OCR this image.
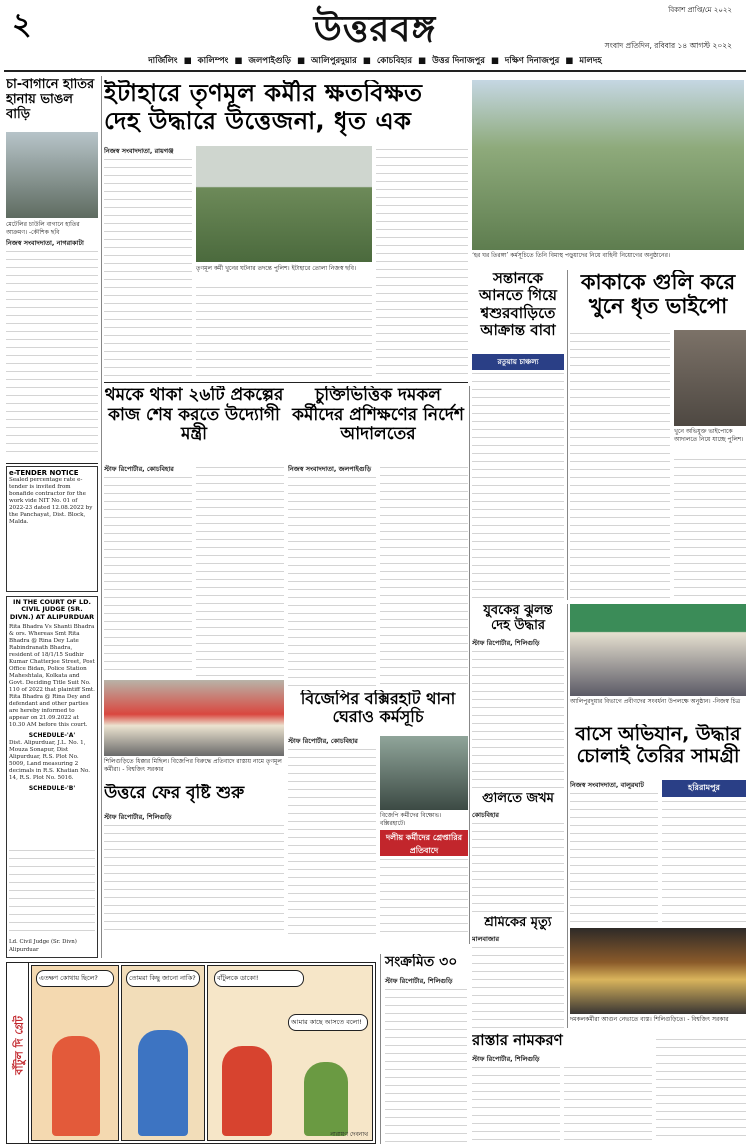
২	বিকাশ প্রাপ্তি/মে ২০২২
উত্তরবঙ্গ	সংবাদ প্রতিদিন, রবিবার ১৪ আগস্ট ২০২২
দার্জিলিং ■ কালিম্পং ■ জলপাইগুড়ি ■ আলিপুরদুয়ার ■ কোচবিহার ■ উত্তর দিনাজপুর ■ দক্ষিণ দিনাজপুর ■ মালদহ
চা-বাগানে হাতির হানায় ভাঙল বাড়ি
মেটেলির চাউলি বাগানে হাতির আক্রমণ। -কৌশিক ছবি
নিজস্ব সংবাদদাতা, নাগরাকাটা
e-TENDER NOTICE
Sealed percentage rate e-tender is invited from bonafide contractor for the work vide NIT No. 01 of 2022-23 dated 12.08.2022 by the Panchayat, Dist. Block, Malda.
IN THE COURT OF LD. CIVIL JUDGE (SR. DIVN.) AT ALIPURDUAR
Rita Bhadra Vs Shanti Bhadra & ors. Whereas Smt Rita Bhadra @ Rina Dey Late Rabindranath Bhadra, resident of 18/1/15 Sudhir Kumar Chatterjee Street, Post Office Bidan, Police Station Maheshtala, Kolkata and Govt. Deciding Title Suit No. 110 of 2022 that plaintiff Smt. Rita Bhadra @ Rina Dey and defendant and other parties are hereby informed to appear on 21.09.2022 at 10.30 AM before this court.
SCHEDULE-'A'
Dist. Alipurduar, J.L. No. 1, Mouza Sonapur, Dist Alipurduar, R.S. Plot No. 5009, Land measuring 2 decimals in R.S. Khatian No. 14, R.S. Plot No. 5016.
SCHEDULE-'B'
Ld. Civil Judge (Sr. Divn) Alipurduar
ইটাহারে তৃণমূল কর্মীর ক্ষতবিক্ষত
দেহ উদ্ধারে উত্তেজনা, ধৃত এক
নিজস্ব সংবাদদাতা, রায়গঞ্জ
তৃণমূল কর্মী খুনের ঘটনার তদন্তে পুলিশ। ইটাহারে তোলা নিজস্ব ছবি।
‘হর ঘর তিরঙ্গা’ কর্মসূচিতে তিনি বিমাস্থ পড়ুয়াদের নিয়ে বাহিনী নিয়োগের অনুষ্ঠানের।
সন্তানকে আনতে গিয়ে শ্বশুরবাড়িতে আক্রান্ত বাবা
রতুয়ায় চাঞ্চল্য
কাকাকে গুলি করে খুনে ধৃত ভাইপো
খুনে অভিযুক্ত ভাইপোকে আদালতে নিয়ে যাচ্ছে পুলিশ।
থমকে থাকা ২৬টি প্রকল্পের কাজ শেষ করতে উদ্যোগী মন্ত্রী
স্টাফ রিপোর্টার, কোচবিহার
চুক্তিভিত্তিক দমকল কর্মীদের প্রশিক্ষণের নির্দেশ আদালতের
নিজস্ব সংবাদদাতা, জলপাইগুড়ি
শিলিগুড়িতে ধিক্কার মিছিল। বিজেপির বিরুদ্ধে প্রতিবাদে রাস্তায় নামে তৃণমূল কর্মীরা। - বিশ্বজিৎ সরকার
বিজেপির বক্সিরহাট থানা ঘেরাও কর্মসূচি
স্টাফ রিপোর্টার, কোচবিহার
বিজেপি কর্মীদের বিক্ষোভ। বক্সিরহাটে।
দলীয় কর্মীদের গ্রেপ্তারির প্রতিবাদে
উত্তরে ফের বৃষ্টি শুরু
স্টাফ রিপোর্টার, শিলিগুড়ি
যুবকের ঝুলন্ত দেহ উদ্ধার
স্টাফ রিপোর্টার, শিলিগুড়ি
গুলিতে জখম
কোচবিহার
শ্রমিকের মৃত্যু
মালবাজার
রাস্তার নামকরণ
স্টাফ রিপোর্টার, শিলিগুড়ি
আলিপুরদুয়ার বিভাগে প্রবীণদের সংবর্ধনা উপলক্ষে অনুষ্ঠান। -নিজস্ব চিত্র
বাসে অভিযান, উদ্ধার চোলাই তৈরির সামগ্রী
হরিরামপুর
নিজস্ব সংবাদদাতা, বালুরঘাট
দমকলকর্মীরা আগুন নেভাতে ব্যস্ত। শিলিগুড়িতে। - বিশ্বজিৎ সরকার
সংক্রমিত ৩০
স্টাফ রিপোর্টার, শিলিগুড়ি
বাঁটুল দি গ্রেট
এতক্ষণ কোথায় ছিলে?	তোমরা কিছু জানো নাকি?	বাঁটুলকে ডাকো!
আমার কাছে আসতে বলো!
নারায়ণ দেবনাথ
